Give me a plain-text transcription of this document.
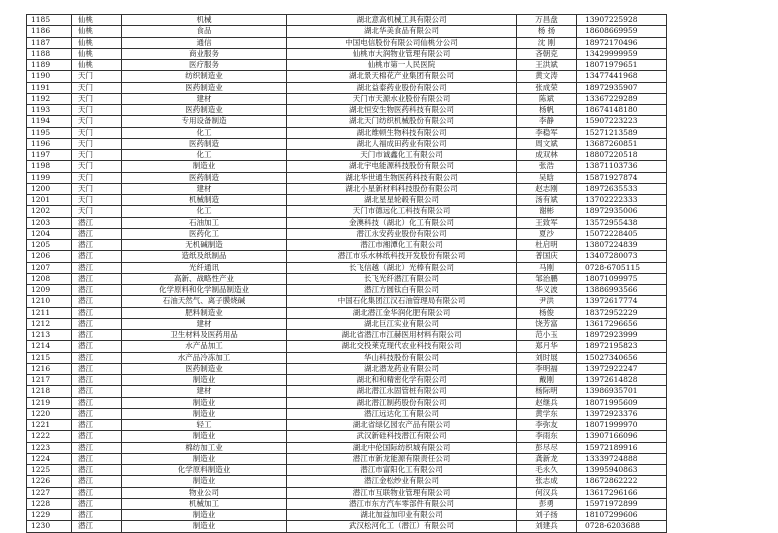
1185	仙桃	机械	湖北意高机械工具有限公司	万昌盘	13907225928
1186	仙桃	食品	湖北华美食品有限公司	杨 扬	18608669959
1187	仙桃	通信	中国电信股份有限公司仙桃分公司	沈 刚	18972170496
1188	仙桃	商业服务	仙桃市大润物业管理有限公司	吝朝克	13429999959
1189	仙桃	医疗服务	仙桃市第一人民医院	王洪斌	18071979651
1190	天门	纺织制造业	湖北景天棉花产业集团有限公司	黄文涛	13477441968
1191	天门	医药制造业	湖北益泰药业股份有限公司	张成荣	18972935907
1192	天门	建材	天门市天源水业股份有限公司	陈斌	13367229289
1193	天门	医药制造业	湖北恒安生物医药科技有限公司	杨帆	18674148180
1194	天门	专用设备制造	湖北天门纺织机械股份有限公司	李静	15907223223
1195	天门	化工	湖北维顿生物科技有限公司	李稳军	15271213589
1196	天门	医药制造	湖北人福成田药业有限公司	周文斌	13687260851
1197	天门	化工	天门市诚鑫化工有限公司	成双林	18807220518
1198	天门	制造业	湖北宇电能源科技股份有限公司	张浩	13871103736
1199	天门	医药制造	湖北华世通生物医药科技有限公司	吴晗	15871927874
1200	天门	建材	湖北小星新材料科技股份有限公司	赵志刚	18972635533
1201	天门	机械制造	湖北星星轮毂有限公司	汤有斌	13702222333
1202	天门	化工	天门市德远化工科技有限公司	谢彬	18972935006
1203	潜江	石油加工	金澳科技（湖北）化工有限公司	王致军	13572955438
1204	潜江	医药化工	潜江永安药业股份有限公司	夏沙	15072228405
1205	潜江	无机碱制造	潜江市湘潭化工有限公司	杜启明	13807224839
1206	潜江	造纸及纸制品	潜江市乐水林纸科技开发股份有限公司	普国庆	13407280073
1207	潜江	光纤通讯	长飞信越（湖北）光棒有限公司	马刚	0728-6705115
1208	潜江	高新、战略性产业	长飞光纤潜江有限公司	邹治鹏	18071099975
1209	潜江	化学原料和化学制品制造业	潜江方圆钛白有限公司	华义波	13886993566
1210	潜江	石油天然气、离子膜烧碱	中国石化集团江汉石油管理局有限公司	尹洪	13972617774
1211	潜江	肥料制造业	湖北潜江金华润化肥有限公司	杨俊	18372952229
1212	潜江	建材	湖北巨江实业有限公司	饶芳富	13617296656
1213	潜江	卫生材料及医药用品	湖北省潜江市江赫医用材料有限公司	范小玉	18972923999
1214	潜江	水产品加工	湖北交投莱克现代农业科技有限公司	郑月华	18972195823
1215	潜江	水产品冷冻加工	华山科技股份有限公司	刘时展	15027340656
1216	潜江	医药制造业	湖北潜龙药业有限公司	李明福	13972922247
1217	潜江	制造业	湖北和和精密化学有限公司	戴刚	13972614828
1218	潜江	建材	湖北潜江永固管桩有限公司	杨际明	13986935701
1219	潜江	制造业	湖北潜江制药股份有限公司	赵继兵	18071995609
1220	潜江	制造业	潜江远达化工有限公司	黄学东	13972923376
1221	潜江	轻工	湖北省绿亿园农产品有限公司	李弥友	18071999970
1222	潜江	制造业	武汉新硅科技潜江有限公司	李雨东	13907166096
1223	潜江	棉纺加工业	湖北中伦国际纺织城有限公司	彭尽尽	15972189916
1224	潜江	制造业	潜江市新龙能源有限责任公司	龚新龙	13339724888
1225	潜江	化学原料制造业	潜江市富阳化工有限公司	毛永久	13995940863
1226	潜江	制造业	潜江金松纱业有限公司	张志成	18672862222
1227	潜江	物业公司	潜江市互联物业管理有限公司	何汉兵	13617296166
1228	潜江	机械加工	潜江市东方汽车零部件有限公司	彭勇	15971972899
1229	潜江	制造业	湖北加益加印业有限公司	刘子扬	18107299606
1230	潜江	制造业	武汉松河化工（潜江）有限公司	刘建兵	0728-6203688
